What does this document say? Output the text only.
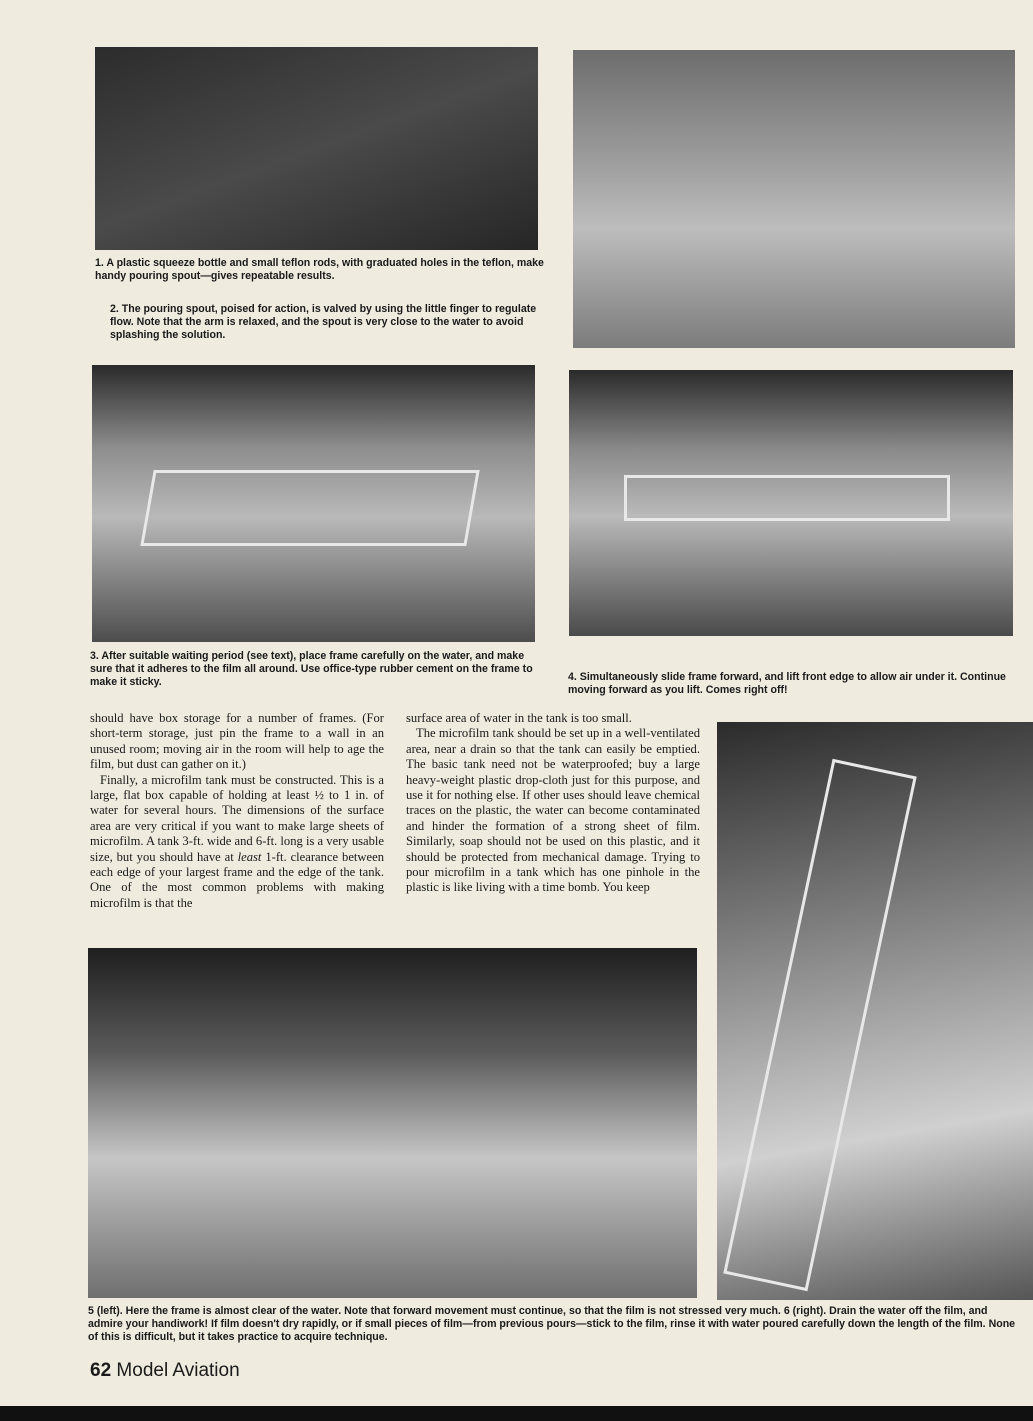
1. A plastic squeeze bottle and small teflon rods, with graduated holes in the teflon, make handy pouring spout—gives repeatable results.
2. The pouring spout, poised for action, is valved by using the little finger to regulate flow. Note that the arm is relaxed, and the spout is very close to the water to avoid splashing the solution.
3. After suitable waiting period (see text), place frame carefully on the water, and make sure that it adheres to the film all around. Use office-type rubber cement on the frame to make it sticky.	4. Simultaneously slide frame forward, and lift front edge to allow air under it. Continue moving forward as you lift. Comes right off!
5 (left). Here the frame is almost clear of the water. Note that forward movement must continue, so that the film is not stressed very much. 6 (right). Drain the water off the film, and admire your handiwork! If film doesn't dry rapidly, or if small pieces of film—from previous pours—stick to the film, rinse it with water poured carefully down the length of the film. None of this is difficult, but it takes practice to acquire technique.

should have box storage for a number of frames. (For short-term storage, just pin the frame to a wall in an unused room; moving air in the room will help to age the film, but dust can gather on it.)

Finally, a microfilm tank must be constructed. This is a large, flat box capable of holding at least ½ to 1 in. of water for several hours. The dimensions of the surface area are very critical if you want to make large sheets of microfilm. A tank 3-ft. wide and 6-ft. long is a very usable size, but you should have at least 1-ft. clearance between each edge of your largest frame and the edge of the tank. One of the most common problems with making microfilm is that the

surface area of water in the tank is too small.

The microfilm tank should be set up in a well-ventilated area, near a drain so that the tank can easily be emptied. The basic tank need not be waterproofed; buy a large heavy-weight plastic drop-cloth just for this purpose, and use it for nothing else. If other uses should leave chemical traces on the plastic, the water can become contaminated and hinder the formation of a strong sheet of film. Similarly, soap should not be used on this plastic, and it should be protected from mechanical damage. Trying to pour microfilm in a tank which has one pinhole in the plastic is like living with a time bomb. You keep

62 Model Aviation
